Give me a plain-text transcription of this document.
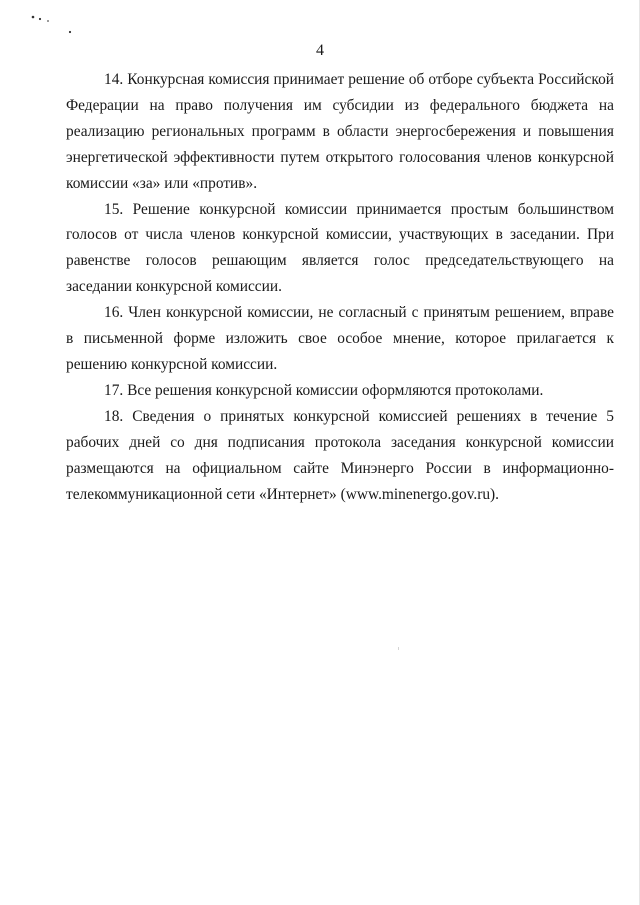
4

14. Конкурсная комиссия принимает решение об отборе субъекта Российской Федерации на право получения им субсидии из федерального бюджета на реализацию региональных программ в области энергосбережения и повышения энергетической эффективности путем открытого голосования членов конкурсной комиссии «за» или «против».

15. Решение конкурсной комиссии принимается простым большинством голосов от числа членов конкурсной комиссии, участвующих в заседании. При равенстве голосов решающим является голос председательствующего на заседании конкурсной комиссии.

16. Член конкурсной комиссии, не согласный с принятым решением, вправе в письменной форме изложить свое особое мнение, которое прилагается к решению конкурсной комиссии.

17. Все решения конкурсной комиссии оформляются протоколами.

18. Сведения о принятых конкурсной комиссией решениях в течение 5 рабочих дней со дня подписания протокола заседания конкурсной комиссии размещаются на официальном сайте Минэнерго России в информационно-телекоммуникационной сети «Интернет» (www.minenergo.gov.ru).
